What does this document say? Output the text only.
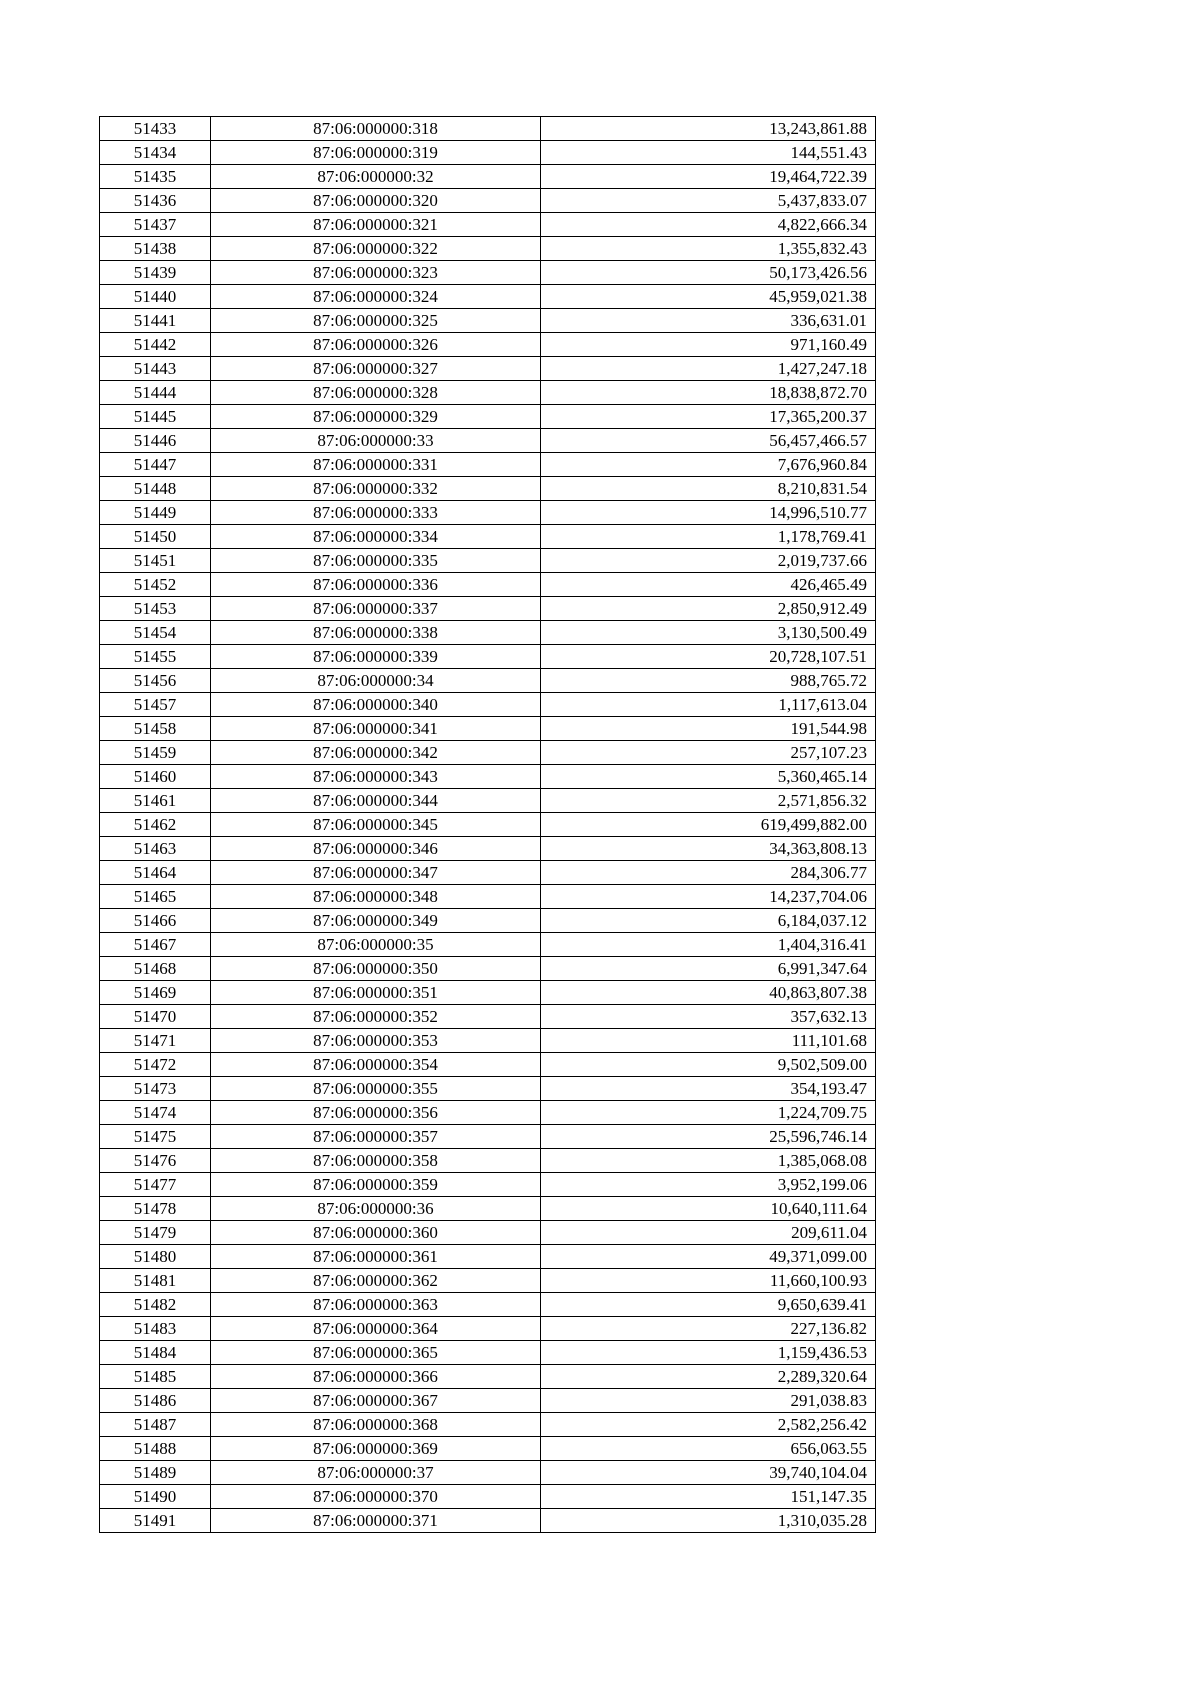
51433	87:06:000000:318	13,243,861.88
51434	87:06:000000:319	144,551.43
51435	87:06:000000:32	19,464,722.39
51436	87:06:000000:320	5,437,833.07
51437	87:06:000000:321	4,822,666.34
51438	87:06:000000:322	1,355,832.43
51439	87:06:000000:323	50,173,426.56
51440	87:06:000000:324	45,959,021.38
51441	87:06:000000:325	336,631.01
51442	87:06:000000:326	971,160.49
51443	87:06:000000:327	1,427,247.18
51444	87:06:000000:328	18,838,872.70
51445	87:06:000000:329	17,365,200.37
51446	87:06:000000:33	56,457,466.57
51447	87:06:000000:331	7,676,960.84
51448	87:06:000000:332	8,210,831.54
51449	87:06:000000:333	14,996,510.77
51450	87:06:000000:334	1,178,769.41
51451	87:06:000000:335	2,019,737.66
51452	87:06:000000:336	426,465.49
51453	87:06:000000:337	2,850,912.49
51454	87:06:000000:338	3,130,500.49
51455	87:06:000000:339	20,728,107.51
51456	87:06:000000:34	988,765.72
51457	87:06:000000:340	1,117,613.04
51458	87:06:000000:341	191,544.98
51459	87:06:000000:342	257,107.23
51460	87:06:000000:343	5,360,465.14
51461	87:06:000000:344	2,571,856.32
51462	87:06:000000:345	619,499,882.00
51463	87:06:000000:346	34,363,808.13
51464	87:06:000000:347	284,306.77
51465	87:06:000000:348	14,237,704.06
51466	87:06:000000:349	6,184,037.12
51467	87:06:000000:35	1,404,316.41
51468	87:06:000000:350	6,991,347.64
51469	87:06:000000:351	40,863,807.38
51470	87:06:000000:352	357,632.13
51471	87:06:000000:353	111,101.68
51472	87:06:000000:354	9,502,509.00
51473	87:06:000000:355	354,193.47
51474	87:06:000000:356	1,224,709.75
51475	87:06:000000:357	25,596,746.14
51476	87:06:000000:358	1,385,068.08
51477	87:06:000000:359	3,952,199.06
51478	87:06:000000:36	10,640,111.64
51479	87:06:000000:360	209,611.04
51480	87:06:000000:361	49,371,099.00
51481	87:06:000000:362	11,660,100.93
51482	87:06:000000:363	9,650,639.41
51483	87:06:000000:364	227,136.82
51484	87:06:000000:365	1,159,436.53
51485	87:06:000000:366	2,289,320.64
51486	87:06:000000:367	291,038.83
51487	87:06:000000:368	2,582,256.42
51488	87:06:000000:369	656,063.55
51489	87:06:000000:37	39,740,104.04
51490	87:06:000000:370	151,147.35
51491	87:06:000000:371	1,310,035.28
